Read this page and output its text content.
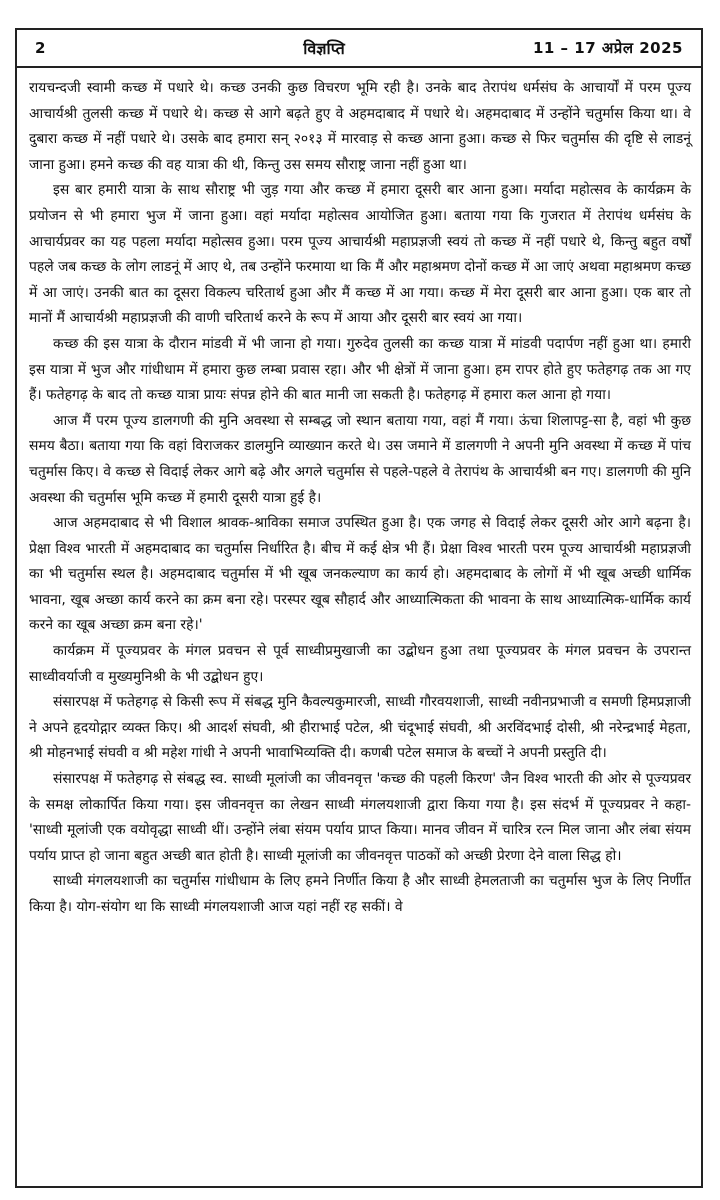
2	विज्ञप्ति	11 – 17 अप्रेल 2025

रायचन्दजी स्वामी कच्छ में पधारे थे। कच्छ उनकी कुछ विचरण भूमि रही है। उनके बाद तेरापंथ धर्मसंघ के आचार्यों में परम पूज्य आचार्यश्री तुलसी कच्छ में पधारे थे। कच्छ से आगे बढ़ते हुए वे अहमदाबाद में पधारे थे। अहमदाबाद में उन्होंने चतुर्मास किया था। वे दुबारा कच्छ में नहीं पधारे थे। उसके बाद हमारा सन् २०१३ में मारवाड़ से कच्छ आना हुआ। कच्छ से फिर चतुर्मास की दृष्टि से लाडनूं जाना हुआ। हमने कच्छ की वह यात्रा की थी, किन्तु उस समय सौराष्ट्र जाना नहीं हुआ था।

इस बार हमारी यात्रा के साथ सौराष्ट्र भी जुड़ गया और कच्छ में हमारा दूसरी बार आना हुआ। मर्यादा महोत्सव के कार्यक्रम के प्रयोजन से भी हमारा भुज में जाना हुआ। वहां मर्यादा महोत्सव आयोजित हुआ। बताया गया कि गुजरात में तेरापंथ धर्मसंघ के आचार्यप्रवर का यह पहला मर्यादा महोत्सव हुआ। परम पूज्य आचार्यश्री महाप्रज्ञजी स्वयं तो कच्छ में नहीं पधारे थे, किन्तु बहुत वर्षों पहले जब कच्छ के लोग लाडनूं में आए थे, तब उन्होंने फरमाया था कि मैं और महाश्रमण दोनों कच्छ में आ जाएं अथवा महाश्रमण कच्छ में आ जाएं। उनकी बात का दूसरा विकल्प चरितार्थ हुआ और मैं कच्छ में आ गया। कच्छ में मेरा दूसरी बार आना हुआ। एक बार तो मानों मैं आचार्यश्री महाप्रज्ञजी की वाणी चरितार्थ करने के रूप में आया और दूसरी बार स्वयं आ गया।

कच्छ की इस यात्रा के दौरान मांडवी में भी जाना हो गया। गुरुदेव तुलसी का कच्छ यात्रा में मांडवी पदार्पण नहीं हुआ था। हमारी इस यात्रा में भुज और गांधीधाम में हमारा कुछ लम्बा प्रवास रहा। और भी क्षेत्रों में जाना हुआ। हम रापर होते हुए फतेहगढ़ तक आ गए हैं। फतेहगढ़ के बाद तो कच्छ यात्रा प्रायः संपन्न होने की बात मानी जा सकती है। फतेहगढ़ में हमारा कल आना हो गया।

आज मैं परम पूज्य डालगणी की मुनि अवस्था से सम्बद्ध जो स्थान बताया गया, वहां मैं गया। ऊंचा शिलापट्ट-सा है, वहां भी कुछ समय बैठा। बताया गया कि वहां विराजकर डालमुनि व्याख्यान करते थे। उस जमाने में डालगणी ने अपनी मुनि अवस्था में कच्छ में पांच चतुर्मास किए। वे कच्छ से विदाई लेकर आगे बढ़े और अगले चतुर्मास से पहले-पहले वे तेरापंथ के आचार्यश्री बन गए। डालगणी की मुनि अवस्था की चतुर्मास भूमि कच्छ में हमारी दूसरी यात्रा हुई है।

आज अहमदाबाद से भी विशाल श्रावक-श्राविका समाज उपस्थित हुआ है। एक जगह से विदाई लेकर दूसरी ओर आगे बढ़ना है। प्रेक्षा विश्व भारती में अहमदाबाद का चतुर्मास निर्धारित है। बीच में कई क्षेत्र भी हैं। प्रेक्षा विश्व भारती परम पूज्य आचार्यश्री महाप्रज्ञजी का भी चतुर्मास स्थल है। अहमदाबाद चतुर्मास में भी खूब जनकल्याण का कार्य हो। अहमदाबाद के लोगों में भी खूब अच्छी धार्मिक भावना, खूब अच्छा कार्य करने का क्रम बना रहे। परस्पर खूब सौहार्द और आध्यात्मिकता की भावना के साथ आध्यात्मिक-धार्मिक कार्य करने का खूब अच्छा क्रम बना रहे।'

कार्यक्रम में पूज्यप्रवर के मंगल प्रवचन से पूर्व साध्वीप्रमुखाजी का उद्बोधन हुआ तथा पूज्यप्रवर के मंगल प्रवचन के उपरान्त साध्वीवर्याजी व मुख्यमुनिश्री के भी उद्बोधन हुए।

संसारपक्ष में फतेहगढ़ से किसी रूप में संबद्ध मुनि कैवल्यकुमारजी, साध्वी गौरवयशाजी, साध्वी नवीनप्रभाजी व समणी हिमप्रज्ञाजी ने अपने हृदयोद्गार व्यक्त किए। श्री आदर्श संघवी, श्री हीराभाई पटेल, श्री चंदूभाई संघवी, श्री अरविंदभाई दोसी, श्री नरेन्द्रभाई मेहता, श्री मोहनभाई संघवी व श्री महेश गांधी ने अपनी भावाभिव्यक्ति दी। कणबी पटेल समाज के बच्चों ने अपनी प्रस्तुति दी।

संसारपक्ष में फतेहगढ़ से संबद्ध स्व. साध्वी मूलांजी का जीवनवृत्त 'कच्छ की पहली किरण' जैन विश्व भारती की ओर से पूज्यप्रवर के समक्ष लोकार्पित किया गया। इस जीवनवृत्त का लेखन साध्वी मंगलयशाजी द्वारा किया गया है। इस संदर्भ में पूज्यप्रवर ने कहा- 'साध्वी मूलांजी एक वयोवृद्धा साध्वी थीं। उन्होंने लंबा संयम पर्याय प्राप्त किया। मानव जीवन में चारित्र रत्न मिल जाना और लंबा संयम पर्याय प्राप्त हो जाना बहुत अच्छी बात होती है। साध्वी मूलांजी का जीवनवृत्त पाठकों को अच्छी प्रेरणा देने वाला सिद्ध हो।

साध्वी मंगलयशाजी का चतुर्मास गांधीधाम के लिए हमने निर्णीत किया है और साध्वी हेमलताजी का चतुर्मास भुज के लिए निर्णीत किया है। योग-संयोग था कि साध्वी मंगलयशाजी आज यहां नहीं रह सकीं। वे
